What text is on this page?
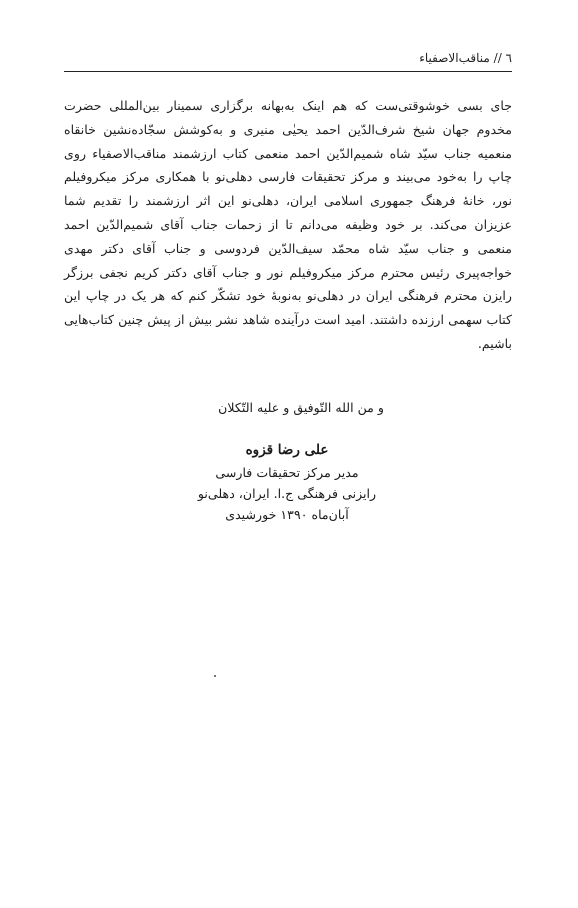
٦ // مناقب‌الاصفیاء

جای بسی خوشوقتی‌ست که هم اینک به‌بهانه برگزاری سمینار بین‌المللی حضرت مخدوم جهان شیخ شرف‌الدّین احمد یحیٰی منیری و به‌کوشش سجّاده‌نشین خانقاه منعمیه جناب سیّد شاه شمیم‌الدّین احمد منعمی کتاب ارزشمند مناقب‌الاصفیاء روی چاپ را به‌خود می‌بیند و مرکز تحقیقات فارسی دهلی‌نو با همکاری مرکز میکروفیلم نور، خانهٔ فرهنگ جمهوری اسلامی ایران، دهلی‌نو این اثر ارزشمند را تقدیم شما عزیزان می‌کند. بر خود وظیفه می‌دانم تا از زحمات جناب آقای شمیم‌الدّین احمد منعمی و جناب سیّد شاه محمّد سیف‌الدّین فردوسی و جناب آقای دکتر مهدی خواجه‌پیری رئیس محترم مرکز میکروفیلم نور و جناب آقای دکتر کریم نجفی برزگر رایزن محترم فرهنگی ایران در دهلی‌نو به‌نوبهٔ خود تشکّر کنم که هر یک در چاپ این کتاب سهمی ارزنده داشتند. امید است درآینده شاهد نشر بیش از پیش چنین کتاب‌هایی باشیم.

و من الله التّوفیق و علیه التّکلان
علی رضا قزوه
مدیر مرکز تحقیقات فارسی
رایزنی فرهنگی ج.ا. ایران، دهلی‌نو
آبان‌ماه ۱۳۹۰ خورشیدی
